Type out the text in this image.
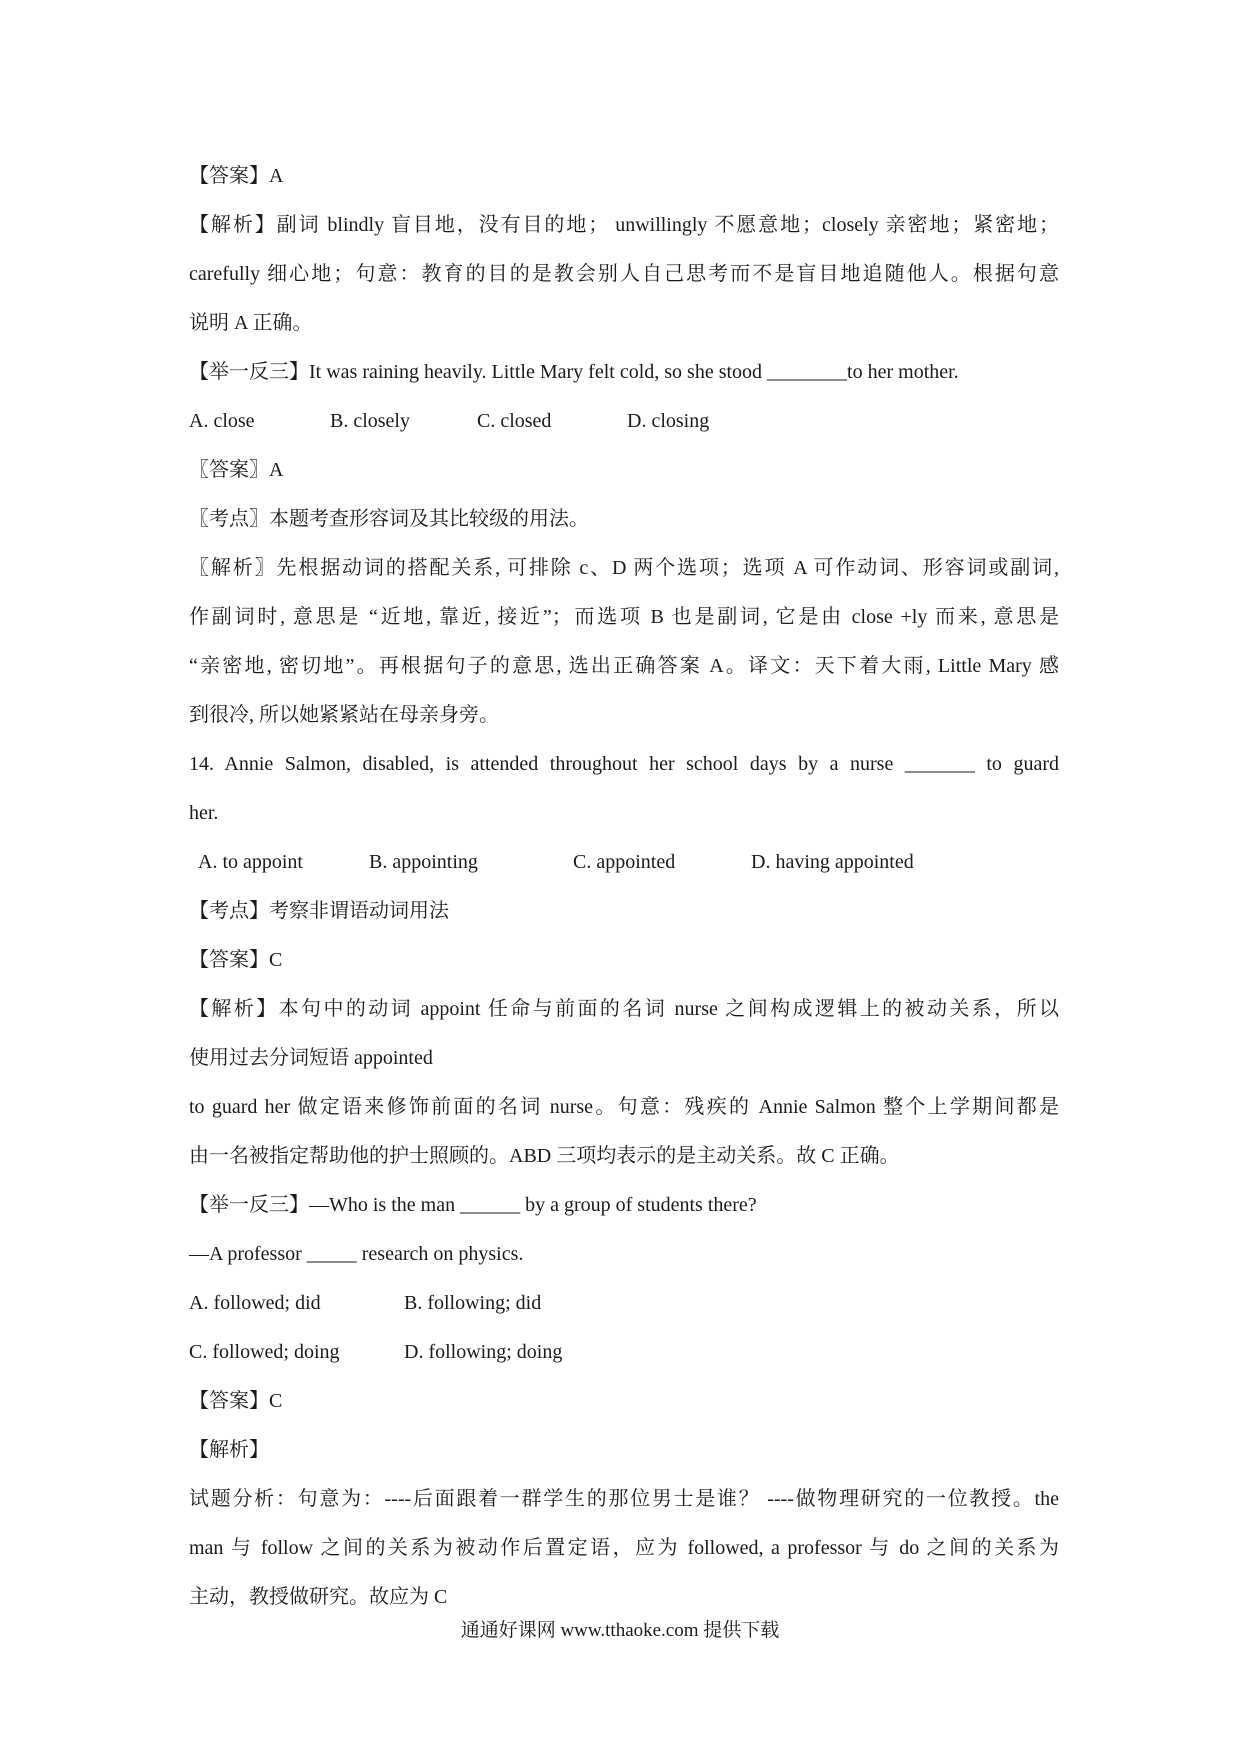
【答案】A
【解析】副词 blindly 盲目地，没有目的地； unwillingly 不愿意地；closely 亲密地；紧密地；
carefully 细心地；句意：教育的目的是教会别人自己思考而不是盲目地追随他人。根据句意
说明 A 正确。
【举一反三】It was raining heavily. Little Mary felt cold, so she stood ________to her mother.
A. close	B. closely	C. closed	D. closing
〖答案〗A
〖考点〗本题考查形容词及其比较级的用法。
〖解析〗先根据动词的搭配关系, 可排除 c、D 两个选项；选项 A 可作动词、形容词或副词,
作副词时, 意思是 “近地, 靠近, 接近”；而选项 B 也是副词, 它是由 close +ly 而来, 意思是
“亲密地, 密切地”。再根据句子的意思, 选出正确答案 A。译文：天下着大雨, Little Mary 感
到很冷, 所以她紧紧站在母亲身旁。
14. Annie Salmon, disabled, is attended throughout her school days by a nurse _______ to guard
her.
A. to appoint	B. appointing	C. appointed	D. having appointed
【考点】考察非谓语动词用法
【答案】C
【解析】本句中的动词 appoint 任命与前面的名词 nurse 之间构成逻辑上的被动关系，所以
使用过去分词短语 appointed
to guard her 做定语来修饰前面的名词 nurse。句意：残疾的 Annie Salmon 整个上学期间都是
由一名被指定帮助他的护士照顾的。ABD 三项均表示的是主动关系。故 C 正确。
【举一反三】—Who is the man ______ by a group of students there?
—A professor _____ research on physics.
A. followed; did	B. following; did
C. followed; doing	D. following; doing
【答案】C
【解析】
试题分析：句意为：----后面跟着一群学生的那位男士是谁？ ----做物理研究的一位教授。the
man 与 follow 之间的关系为被动作后置定语，应为 followed, a professor 与 do 之间的关系为
主动，教授做研究。故应为 C
通通好课网 www.tthaoke.com 提供下载
